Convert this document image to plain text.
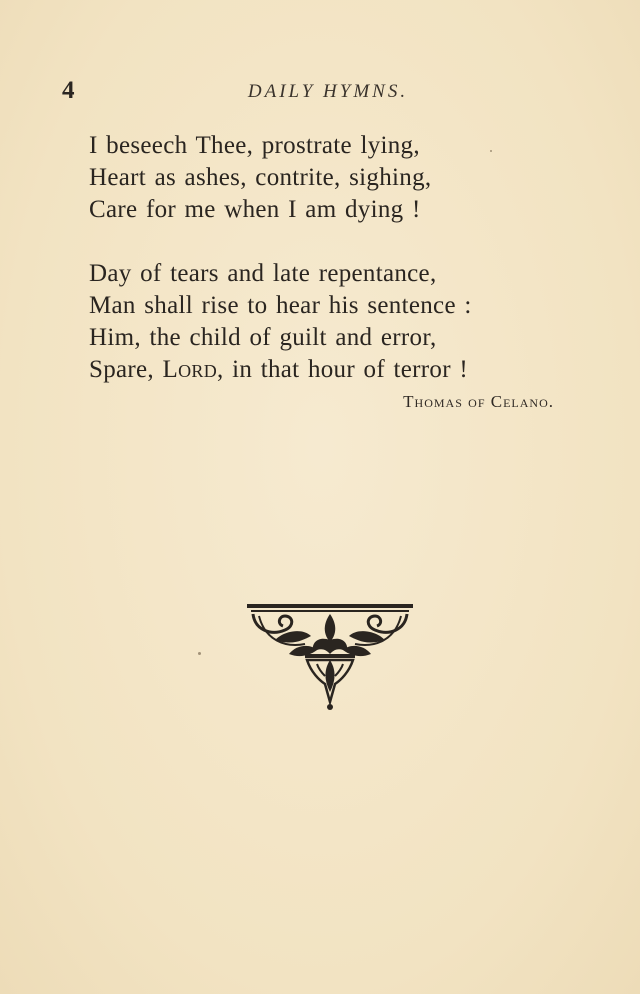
4	DAILY HYMNS.
I beseech Thee, prostrate lying,
Heart as ashes, contrite, sighing,
Care for me when I am dying !
Day of tears and late repentance,
Man shall rise to hear his sentence :
Him, the child of guilt and error,
Spare, Lord, in that hour of terror !
Thomas of Celano.
